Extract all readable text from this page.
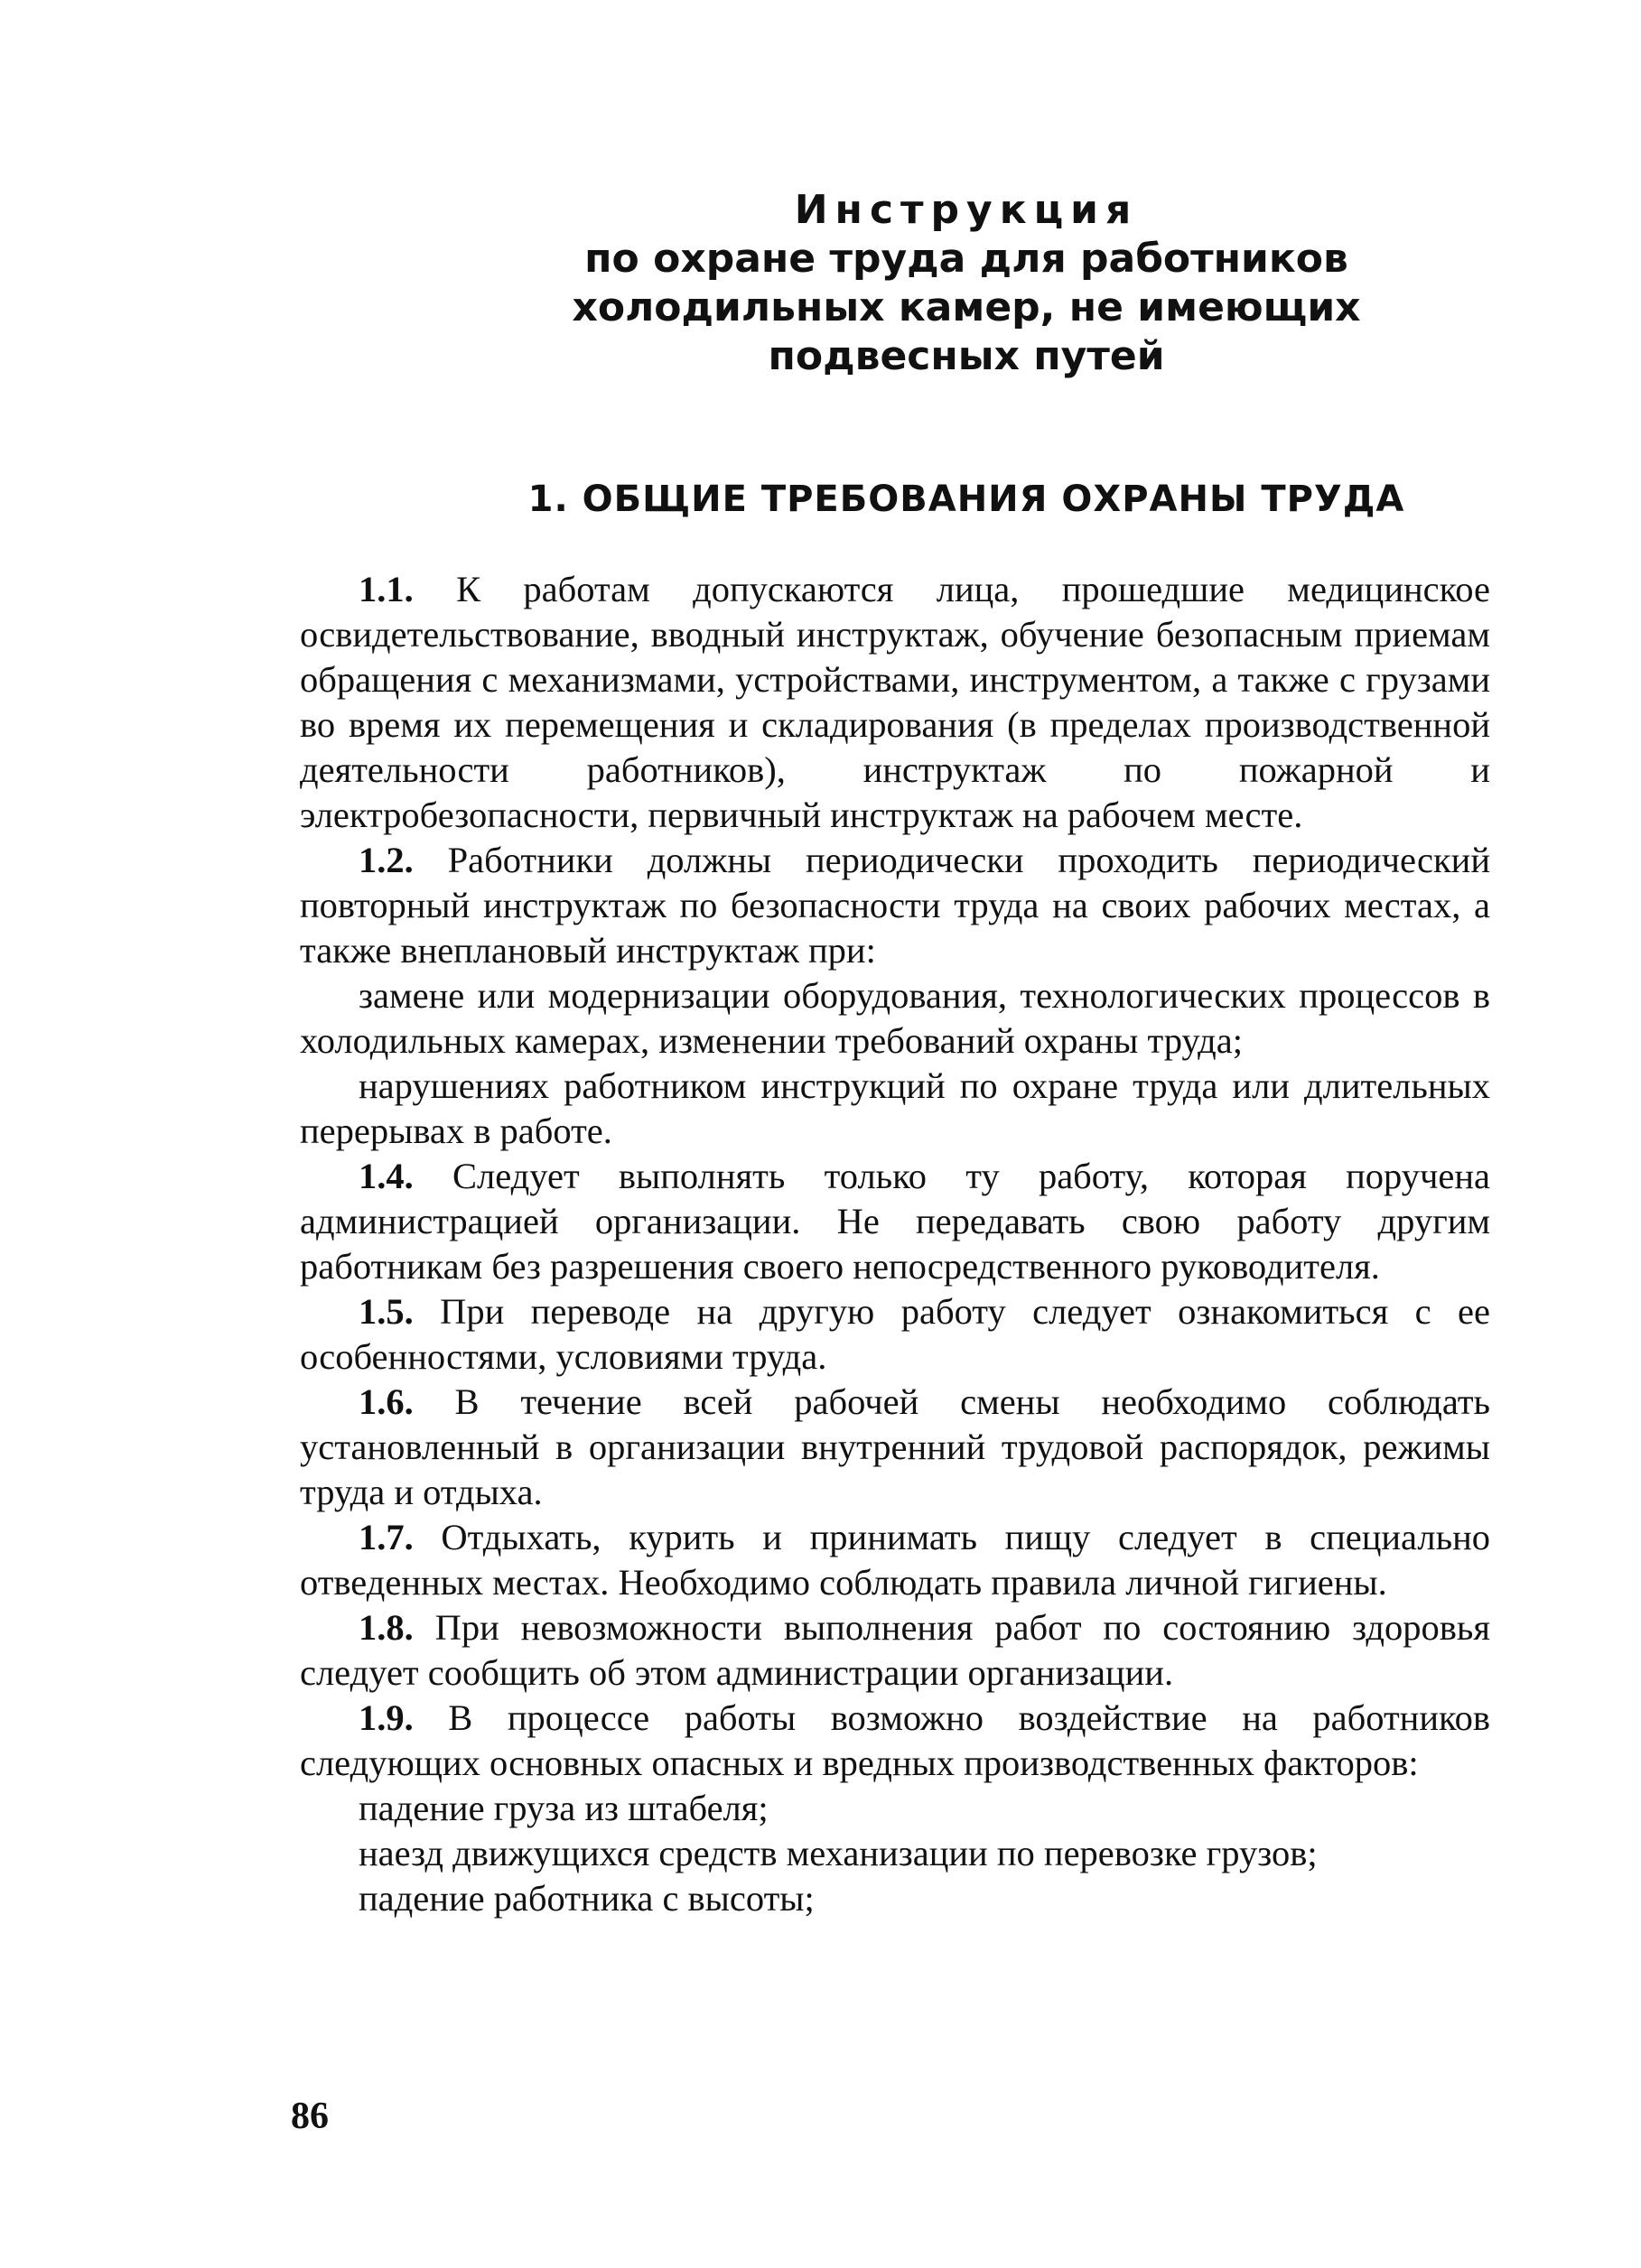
Инструкция
по охране труда для работников
холодильных камер, не имеющих
подвесных путей
1. ОБЩИЕ ТРЕБОВАНИЯ ОХРАНЫ ТРУДА

1.1. К работам допускаются лица, прошедшие медицинское освидетельствование, вводный инструктаж, обучение безопасным приемам обращения с механизмами, устройствами, инструментом, а также с грузами во время их перемещения и складирования (в пределах производственной деятельности работников), инструктаж по пожарной и электробезопасности, первичный инструктаж на рабочем месте.

1.2. Работники должны периодически проходить периодический повторный инструктаж по безопасности труда на своих рабочих местах, а также внеплановый инструктаж при:

замене или модернизации оборудования, технологических процессов в холодильных камерах, изменении требований охраны труда;

нарушениях работником инструкций по охране труда или длительных перерывах в работе.

1.4. Следует выполнять только ту работу, которая поручена администрацией организации. Не передавать свою работу другим работникам без разрешения своего непосредственного руководителя.

1.5. При переводе на другую работу следует ознакомиться с ее особенностями, условиями труда.

1.6. В течение всей рабочей смены необходимо соблюдать установленный в организации внутренний трудовой распорядок, режимы труда и отдыха.

1.7. Отдыхать, курить и принимать пищу следует в специально отведенных местах. Необходимо соблюдать правила личной гигиены.

1.8. При невозможности выполнения работ по состоянию здоровья следует сообщить об этом администрации организации.

1.9. В процессе работы возможно воздействие на работников следующих основных опасных и вредных производственных факторов:

падение груза из штабеля;

наезд движущихся средств механизации по перевозке грузов;

падение работника с высоты;

86
